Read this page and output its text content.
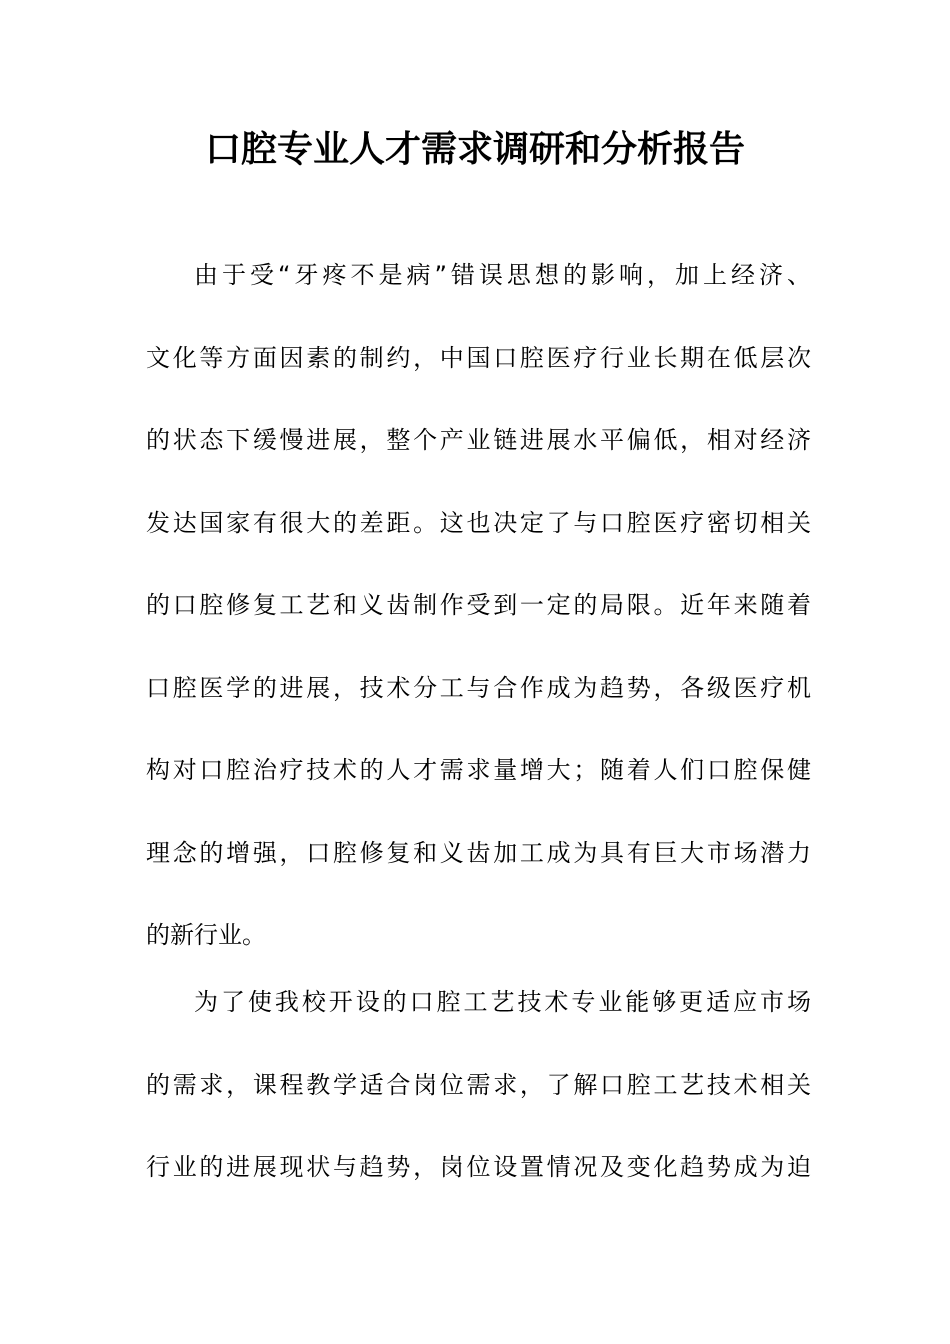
口腔专业人才需求调研和分析报告
由于受“牙疼不是病”错误思想的影响，加上经济、
文化等方面因素的制约，中国口腔医疗行业长期在低层次
的状态下缓慢进展，整个产业链进展水平偏低，相对经济
发达国家有很大的差距。这也决定了与口腔医疗密切相关
的口腔修复工艺和义齿制作受到一定的局限。近年来随着
口腔医学的进展，技术分工与合作成为趋势，各级医疗机
构对口腔治疗技术的人才需求量增大；随着人们口腔保健
理念的增强，口腔修复和义齿加工成为具有巨大市场潜力
的新行业。
为了使我校开设的口腔工艺技术专业能够更适应市场
的需求，课程教学适合岗位需求，了解口腔工艺技术相关
行业的进展现状与趋势，岗位设置情况及变化趋势成为迫
